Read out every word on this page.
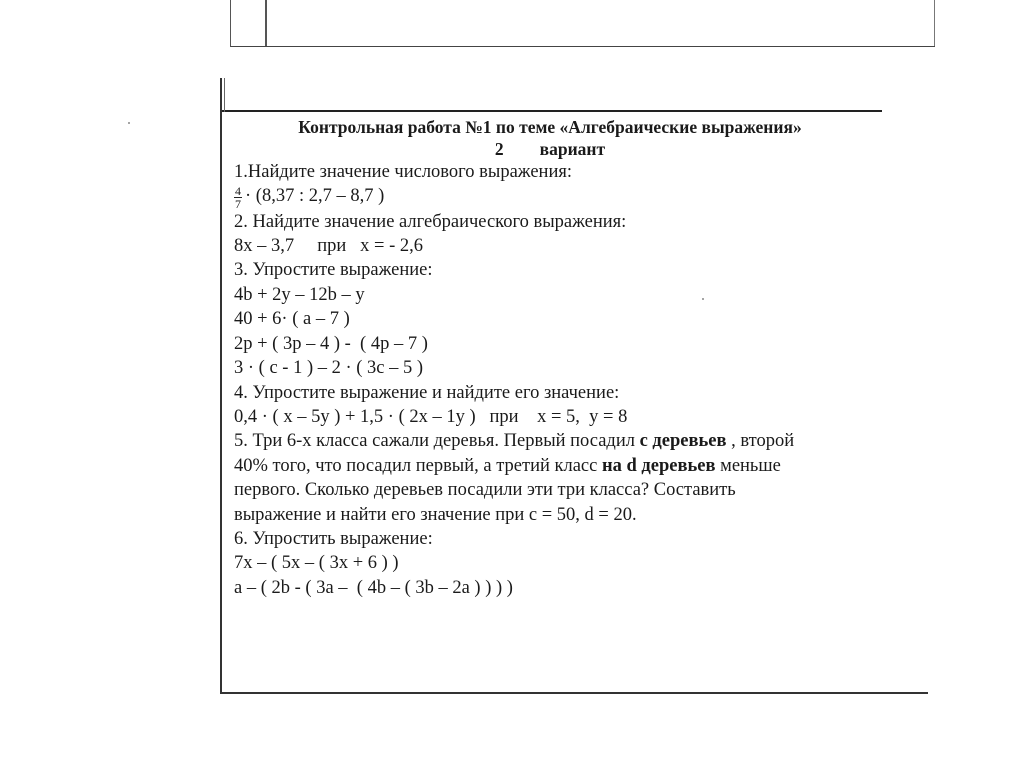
Контрольная работа №1 по теме «Алгебраические выражения»
2 вариант
1.Найдите значение числового выражения:
$\frac{4}{7} \cdot (8,37$ : 2,7 – 8,7 )
2. Найдите значение алгебраического выражения:
8x – 3,7     при   x = - 2,6
3. Упростите выражение:
4b + 2y – 12b – y
40 + 6· ( a – 7 )
2p + ( 3p – 4 ) -  ( 4p – 7 )
3 · ( c - 1 ) – 2 · ( 3c – 5 )
4. Упростите выражение и найдите его значение:
0,4 · ( x – 5y ) + 1,5 · ( 2x – 1y )   при    x = 5,  y = 8
5. Три 6-х класса сажали деревья. Первый посадил с деревьев , второй
40% того, что посадил первый, а третий класс на d деревьев меньше
первого. Сколько деревьев посадили эти три класса? Составить
выражение и найти его значение при c = 50, d = 20.
6. Упростить выражение:
7x – ( 5x – ( 3x + 6 ) )
a – ( 2b - ( 3a –  ( 4b – ( 3b – 2a ) ) ) )
